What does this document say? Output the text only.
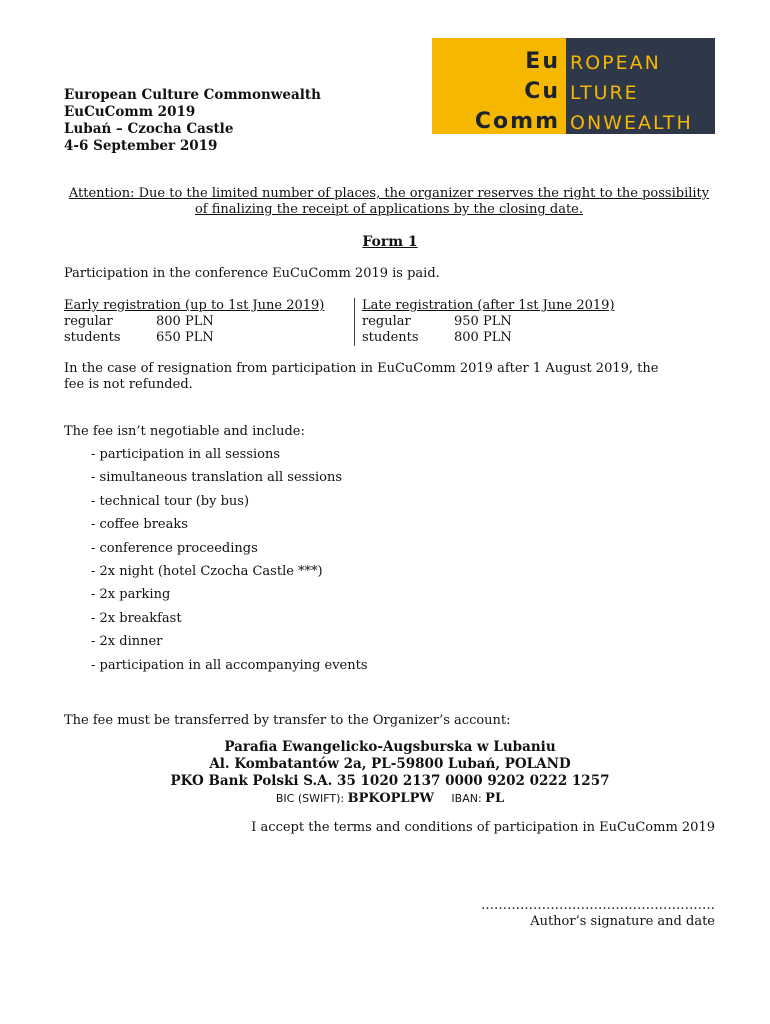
European Culture Commonwealth
EuCuComm 2019
Lubań – Czocha Castle
4-6 September 2019
Eu ROPEAN
Cu LTURE
Comm ONWEALTH
Attention: Due to the limited number of places, the organizer reserves the right to the possibility of finalizing the receipt of applications by the closing date.
Form 1
Participation in the conference EuCuComm 2019 is paid.
Early registration (up to 1st June 2019)
regular	800 PLN
students	650 PLN
Late registration (after 1st June 2019)
regular	950 PLN
students	800 PLN
In the case of resignation from participation in EuCuComm 2019 after 1 August 2019, the
fee is not refunded.
The fee isn’t negotiable and include:
- participation in all sessions
- simultaneous translation all sessions
- technical tour (by bus)
- coffee breaks
- conference proceedings
- 2x night (hotel Czocha Castle ***)
- 2x parking
- 2x breakfast
- 2x dinner
- participation in all accompanying events
The fee must be transferred by transfer to the Organizer’s account:
Parafia Ewangelicko-Augsburska w Lubaniu
Al. Kombatantów 2a, PL-59800 Lubań, POLAND
PKO Bank Polski S.A. 35 1020 2137 0000 9202 0222 1257
BIC (SWIFT): BPKOPLPW IBAN: PL
I accept the terms and conditions of participation in EuCuComm 2019
………………………………………………
Author’s signature and date
